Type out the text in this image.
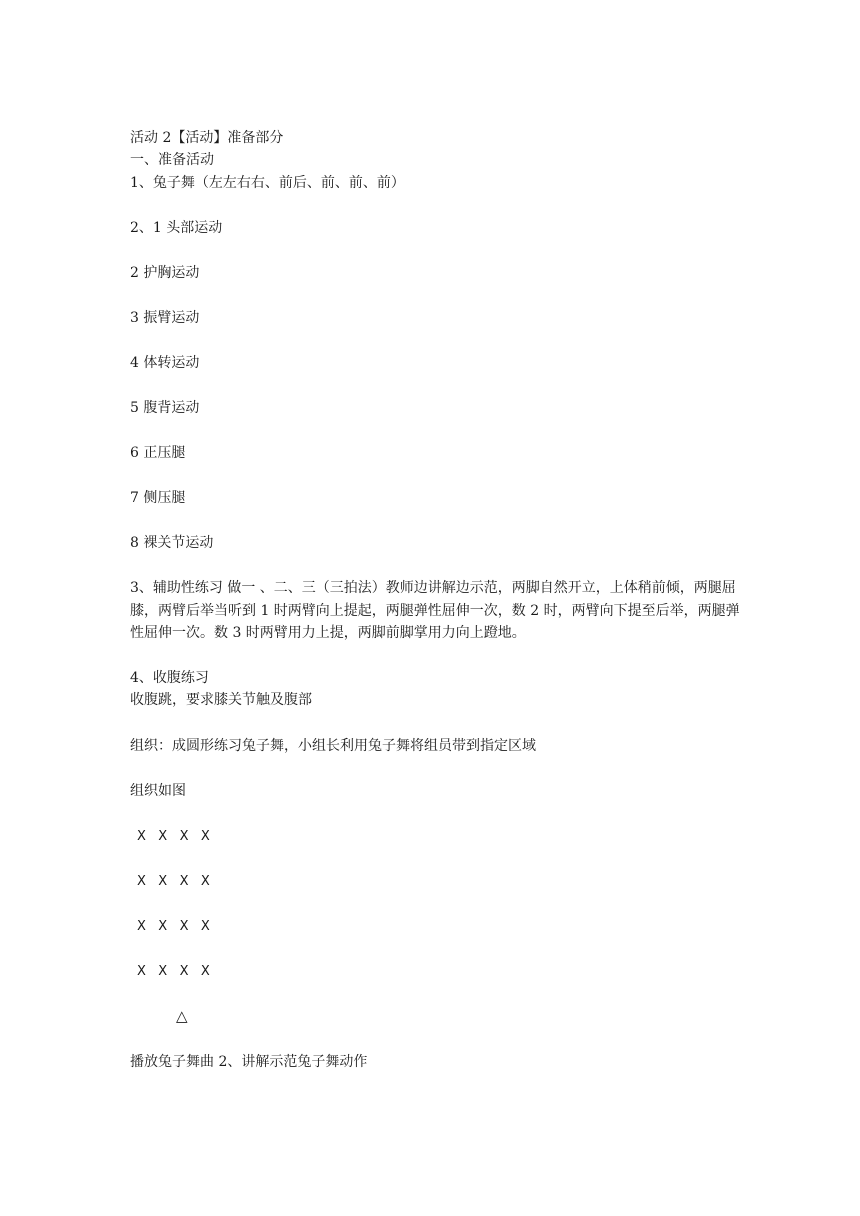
活动 2【活动】准备部分
一、准备活动
1、兔子舞（左左右右、前后、前、前、前）
2、1 头部运动
2 护胸运动
3 振臂运动
4 体转运动
5 腹背运动
6 正压腿
7 侧压腿
8 裸关节运动
3、辅助性练习 做一 、二、三（三拍法）教师边讲解边示范，两脚自然开立，上体稍前倾，两腿屈膝，两臂后举当听到 1 时两臂向上提起，两腿弹性屈伸一次，数 2 时，两臂向下提至后举，两腿弹性屈伸一次。数 3 时两臂用力上提，两脚前脚掌用力向上蹬地。
4、收腹练习
收腹跳，要求膝关节触及腹部
组织：成圆形练习兔子舞，小组长利用兔子舞将组员带到指定区域
组织如图
X   X   X   X
X   X   X   X
X   X   X   X
X   X   X   X
△
播放兔子舞曲 2、讲解示范兔子舞动作
